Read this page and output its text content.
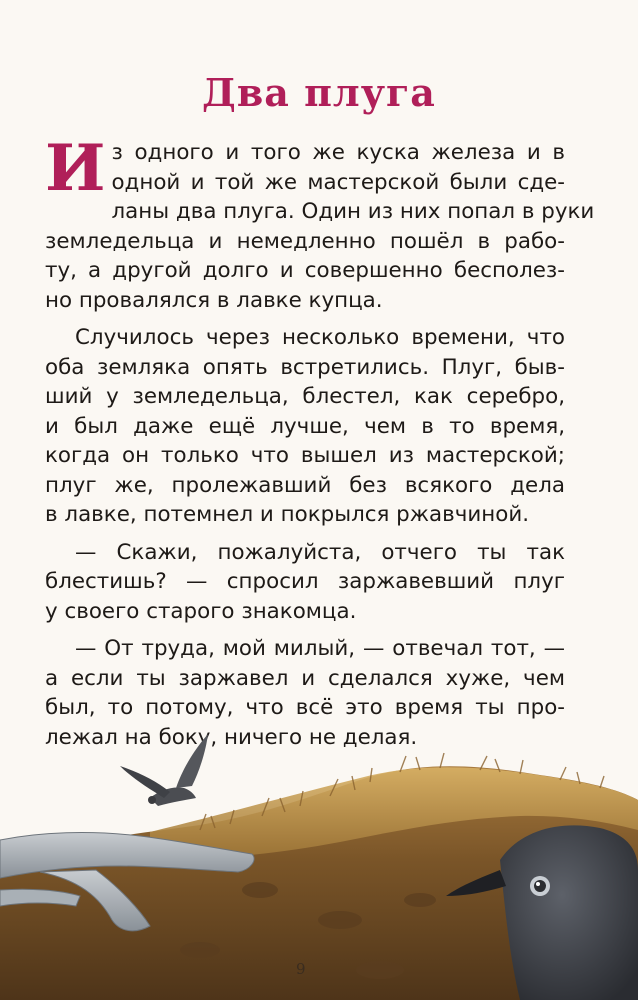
Два плуга
И з одного и того же куска железа и в
одной и той же мастерской были сде-
ланы два плуга. Один из них попал в руки
земледельца и немедленно пошёл в рабо-
ту, а другой долго и совершенно бесполез-
но провалялся в лавке купца.
Случилось через несколько времени, что
оба земляка опять встретились. Плуг, быв-
ший у земледельца, блестел, как серебро,
и был даже ещё лучше, чем в то время,
когда он только что вышел из мастерской;
плуг же, пролежавший без всякого дела
в лавке, потемнел и покрылся ржавчиной.
— Скажи, пожалуйста, отчего ты так
блестишь? — спросил заржавевший плуг
у своего старого знакомца.
— От труда, мой милый, — отвечал тот, —
а если ты заржавел и сделался хуже, чем
был, то потому, что всё это время ты про-
лежал на боку, ничего не делая.
9
